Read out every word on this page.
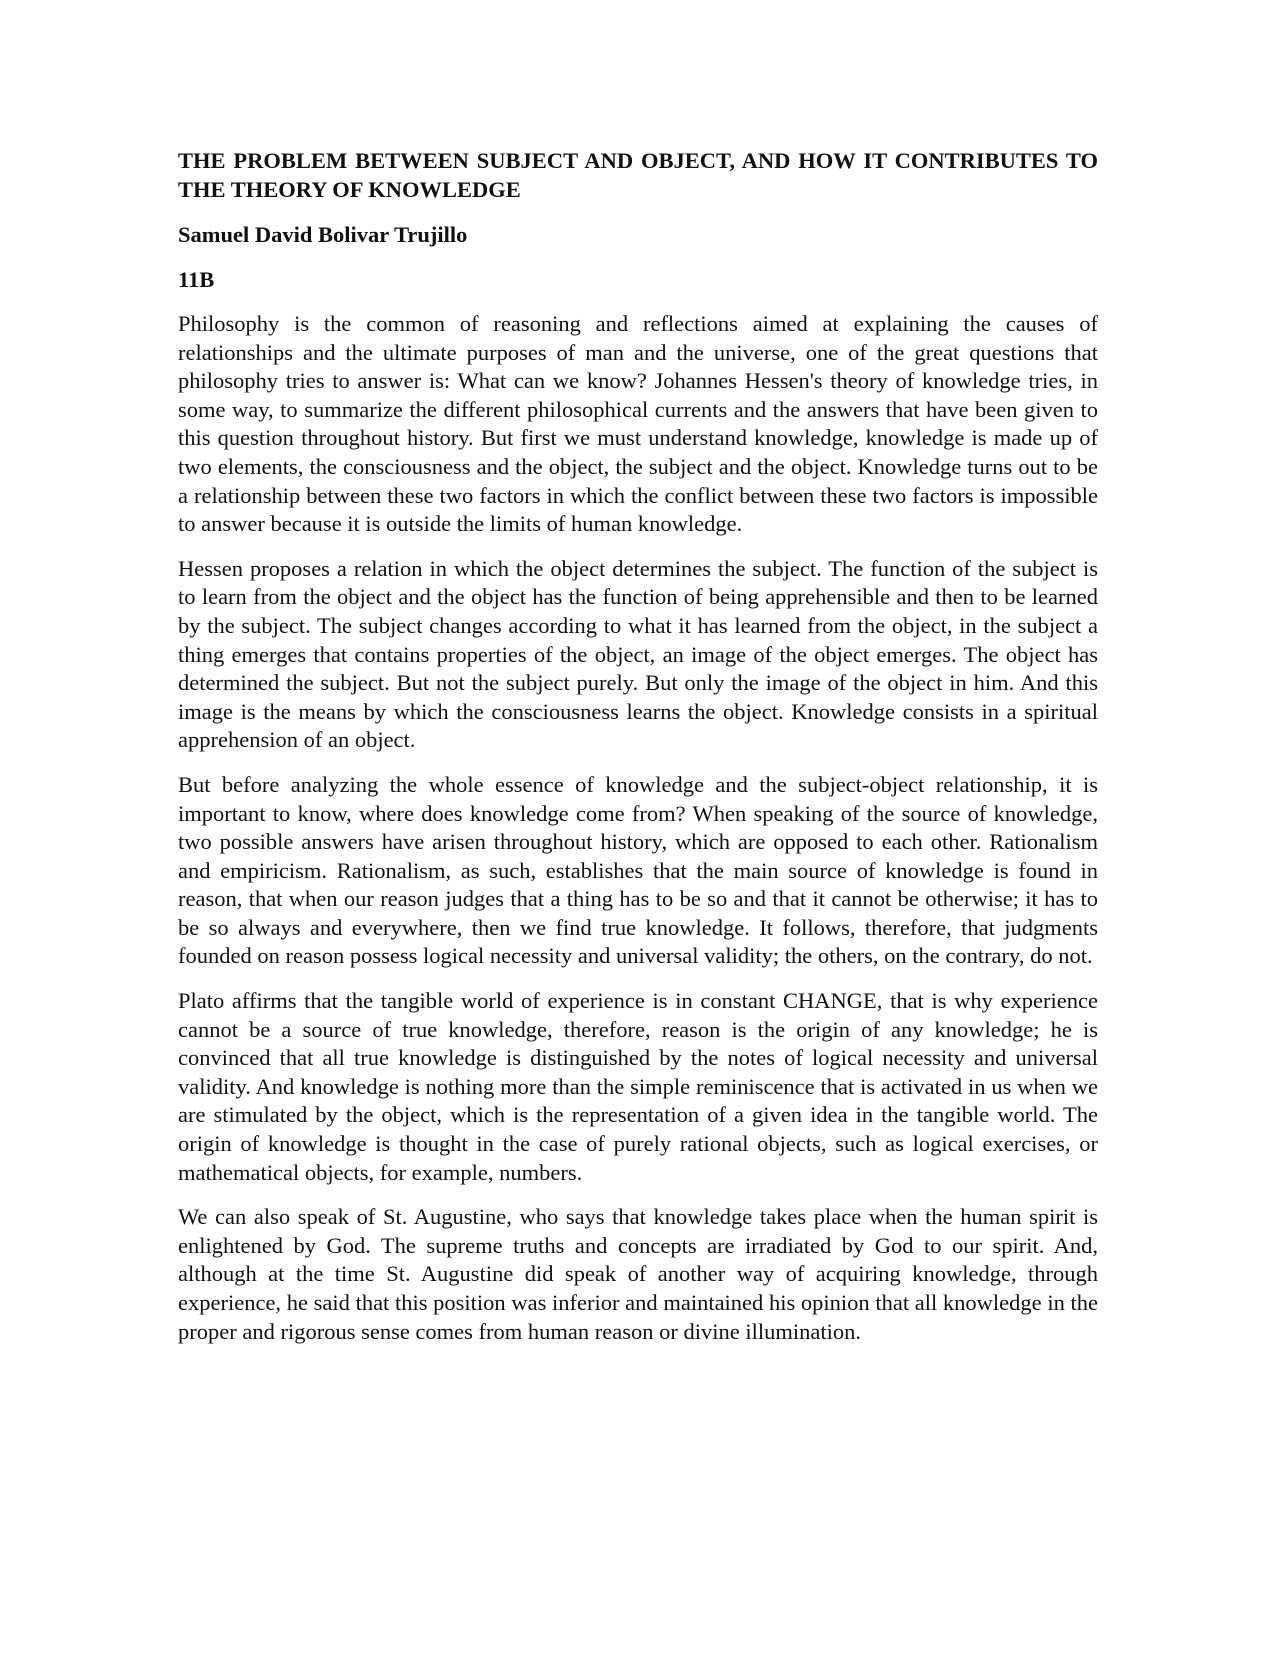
THE PROBLEM BETWEEN SUBJECT AND OBJECT, AND HOW IT CONTRIBUTES TO THE THEORY OF KNOWLEDGE
Samuel David Bolivar Trujillo
11B

Philosophy is the common of reasoning and reflections aimed at explaining the causes of relationships and the ultimate purposes of man and the universe, one of the great questions that philosophy tries to answer is: What can we know? Johannes Hessen's theory of knowledge tries, in some way, to summarize the different philosophical currents and the answers that have been given to this question throughout history. But first we must understand knowledge, knowledge is made up of two elements, the consciousness and the object, the subject and the object. Knowledge turns out to be a relationship between these two factors in which the conflict between these two factors is impossible to answer because it is outside the limits of human knowledge.

Hessen proposes a relation in which the object determines the subject. The function of the subject is to learn from the object and the object has the function of being apprehensible and then to be learned by the subject. The subject changes according to what it has learned from the object, in the subject a thing emerges that contains properties of the object, an image of the object emerges. The object has determined the subject. But not the subject purely. But only the image of the object in him. And this image is the means by which the consciousness learns the object. Knowledge consists in a spiritual apprehension of an object.

But before analyzing the whole essence of knowledge and the subject-object relationship, it is important to know, where does knowledge come from? When speaking of the source of knowledge, two possible answers have arisen throughout history, which are opposed to each other. Rationalism and empiricism. Rationalism, as such, establishes that the main source of knowledge is found in reason, that when our reason judges that a thing has to be so and that it cannot be otherwise; it has to be so always and everywhere, then we find true knowledge. It follows, therefore, that judgments founded on reason possess logical necessity and universal validity; the others, on the contrary, do not.

Plato affirms that the tangible world of experience is in constant CHANGE, that is why experience cannot be a source of true knowledge, therefore, reason is the origin of any knowledge; he is convinced that all true knowledge is distinguished by the notes of logical necessity and universal validity. And knowledge is nothing more than the simple reminiscence that is activated in us when we are stimulated by the object, which is the representation of a given idea in the tangible world. The origin of knowledge is thought in the case of purely rational objects, such as logical exercises, or mathematical objects, for example, numbers.

We can also speak of St. Augustine, who says that knowledge takes place when the human spirit is enlightened by God. The supreme truths and concepts are irradiated by God to our spirit. And, although at the time St. Augustine did speak of another way of acquiring knowledge, through experience, he said that this position was inferior and maintained his opinion that all knowledge in the proper and rigorous sense comes from human reason or divine illumination.
